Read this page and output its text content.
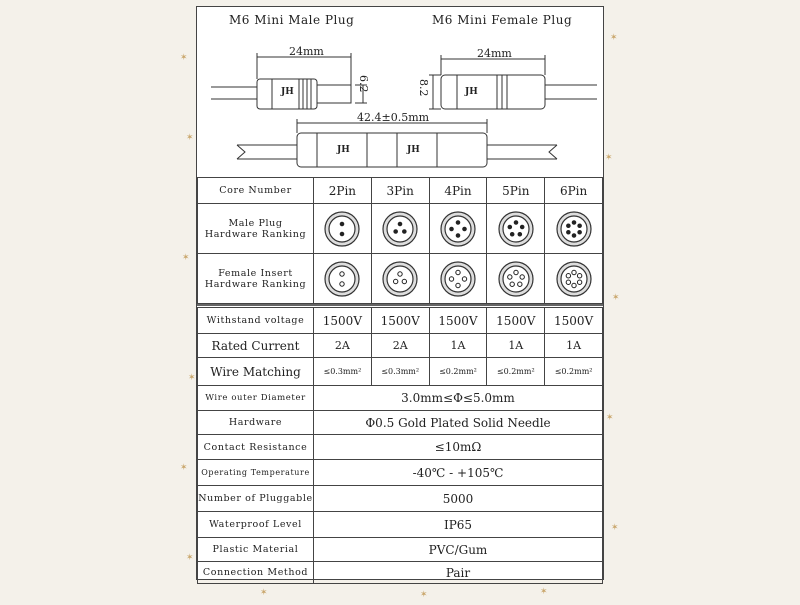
✶
✶
✶
✶
✶
✶
✶
✶
✶
✶
✶
✶	✶	✶
M6 Mini Male Plug	M6 Mini Female Plug
24mm
6.2
24mm
8.2
42.4±0.5mm
JH	JH
JH	JH
Core Number	2Pin	3Pin	4Pin	5Pin	6Pin
Male Plug
Hardware Ranking	

Female Insert
Hardware Ranking	

Withstand voltage	1500V	1500V	1500V	1500V	1500V
Rated Current	2A	2A	1A	1A	1A
Wire Matching	≤0.3mm²	≤0.3mm²	≤0.2mm²	≤0.2mm²	≤0.2mm²
Wire outer Diameter	3.0mm≤Φ≤5.0mm				
Hardware	Φ0.5 Gold Plated Solid Needle				
Contact Resistance	≤10mΩ				
Operating Temperature	-40℃ - +105℃				
Number of Pluggable	5000				
Waterproof Level	IP65				
Plastic Material	PVC/Gum				
Connection Method	Pair				
